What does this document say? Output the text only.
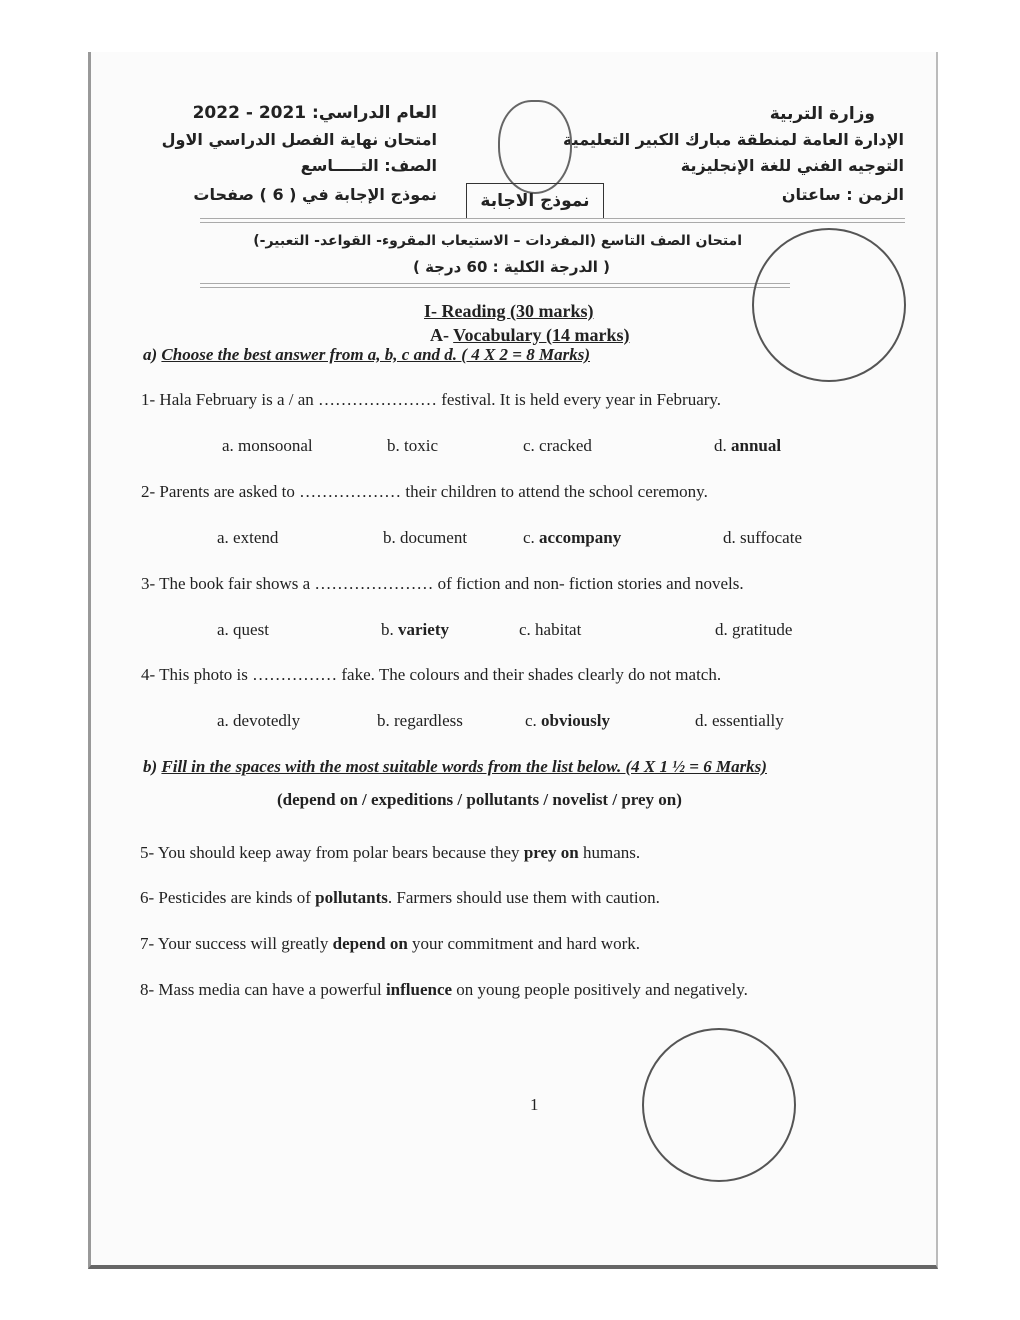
وزارة التربية
الإدارة العامة لمنطقة مبارك الكبير التعليمية
التوجيه الفني للغة الإنجليزية
الزمن : ساعتان
العام الدراسي: 2021 - 2022
امتحان نهاية الفصل الدراسي الاول
الصف: التـــــاسع
نموذج الإجابة في ( 6 ) صفحات	نموذج الاجابة
امتحان الصف التاسع (المفردات – الاستيعاب المقروء- القواعد- التعبير-)
( الدرجة الكلية : 60 درجة )
I- Reading (30 marks)
A- Vocabulary (14 marks)
a) Choose the best answer from a, b, c and d. ( 4 X 2 = 8 Marks)
1- Hala February is a / an ………………… festival. It is held every year in February.
a. monsoonal	b. toxic	c. cracked	d. annual
2- Parents are asked to ……………… their children to attend the school ceremony.
a. extend	b. document	c. accompany	d. suffocate
3- The book fair shows a ………………… of fiction and non- fiction stories and novels.
a. quest	b. variety	c. habitat	d. gratitude
4- This photo is …………… fake. The colours and their shades clearly do not match.
a. devotedly	b. regardless	c. obviously	d. essentially
b) Fill in the spaces with the most suitable words from the list below. (4 X 1 ½ = 6 Marks)
(depend on / expeditions / pollutants / novelist / prey on)
5- You should keep away from polar bears because they prey on humans.
6- Pesticides are kinds of pollutants. Farmers should use them with caution.
7- Your success will greatly depend on your commitment and hard work.
8- Mass media can have a powerful influence on young people positively and negatively.
1
